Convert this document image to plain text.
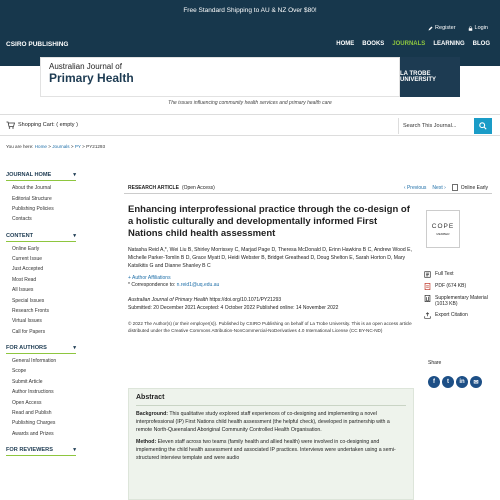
Free Standard Shipping to AU & NZ Over $80!
Register	Login
CSIRO PUBLISHING	HOME BOOKS JOURNALS LEARNING BLOG
Australian Journal of
Primary Health	LA TROBE UNIVERSITY
The issues influencing community health services and primary health care
Shopping Cart: ( empty )	Search This Journal...
You are here: Home > Journals > PY > PY21293
JOURNAL HOME	▾
About the Journal
Editorial Structure
Publishing Policies
Contacts
CONTENT	▾
Online Early
Current Issue
Just Accepted
Most Read
All Issues
Special Issues
Research Fronts
Virtual Issues
Call for Papers
FOR AUTHORS	▾
General Information
Scope
Submit Article
Author Instructions
Open Access
Read and Publish
Publishing Charges
Awards and Prizes
FOR REVIEWERS	▾
RESEARCH ARTICLE (Open Access)	‹ Previous Next ›	Online Early
Enhancing interprofessional practice through the co-design of a holistic culturally and developmentally informed First Nations child health assessment
Natasha Reid A,*, Wei Liu B, Shirley Morrissey C, Marjad Page D, Theresa McDonald D, Erinn Hawkins B C, Andrew Wood E, Michelle Parker-Tomlin B D, Grace Myatt D, Heidi Webster B, Bridget Greathead D, Doug Shelton E, Sarah Horton D, Mary Katsikitis G and Dianne Shanley B C
+ Author Affiliations
* Correspondence to: n.reid1@uq.edu.au
Australian Journal of Primary Health https://doi.org/10.1071/PY21293
Submitted: 20 December 2021 Accepted: 4 October 2022 Published online: 14 November 2022
© 2022 The Author(s) (or their employer(s)). Published by CSIRO Publishing on behalf of La Trobe University. This is an open access article distributed under the Creative Commons Attribution-NonCommercial-NoDerivatives 4.0 International License (CC BY-NC-ND)
Abstract

Background: This qualitative study explored staff experiences of co-designing and implementing a novel interprofessional (IP) First Nations child health assessment (the helpful check), developed in partnership with a remote North-Queensland Aboriginal Community Controlled Health Organisation.

Method: Eleven staff across two teams (family health and allied health) were involved in co-designing and implementing the child health assessment and associated IP practices. Interviews were undertaken using a semi-structured interview template and were audio

COPE
MEMBER
Full Text
PDF (674 KB)
Supplementary Material (1013 KB)
Export Citation
Share
f	t	in	✉
